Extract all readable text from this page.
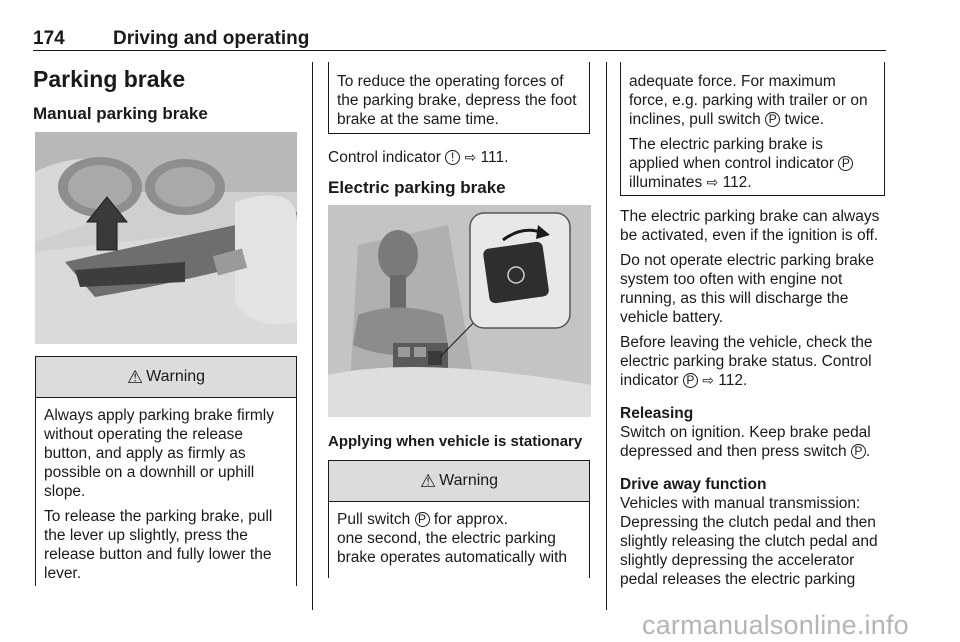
174	Driving and operating
Parking brake
Manual parking brake
⚠ Warning

Always apply parking brake firmly without operating the release button, and apply as firmly as possible on a downhill or uphill slope.

To release the parking brake, pull the lever up slightly, press the release button and fully lower the lever.

To reduce the operating forces of the parking brake, depress the foot brake at the same time.

Control indicator ! ⇨ 111.

Electric parking brake
Applying when vehicle is stationary
⚠ Warning

Pull switch P for approx.
one second, the electric parking brake operates automatically with

adequate force. For maximum force, e.g. parking with trailer or on inclines, pull switch P twice.

The electric parking brake is applied when control indicator P illuminates ⇨ 112.

The electric parking brake can always be activated, even if the ignition is off.

Do not operate electric parking brake system too often with engine not running, as this will discharge the vehicle battery.

Before leaving the vehicle, check the electric parking brake status. Control indicator P ⇨ 112.

Releasing

Switch on ignition. Keep brake pedal depressed and then press switch P .

Drive away function

Vehicles with manual transmission: Depressing the clutch pedal and then slightly releasing the clutch pedal and slightly depressing the accelerator pedal releases the electric parking

carmanualsonline.info
